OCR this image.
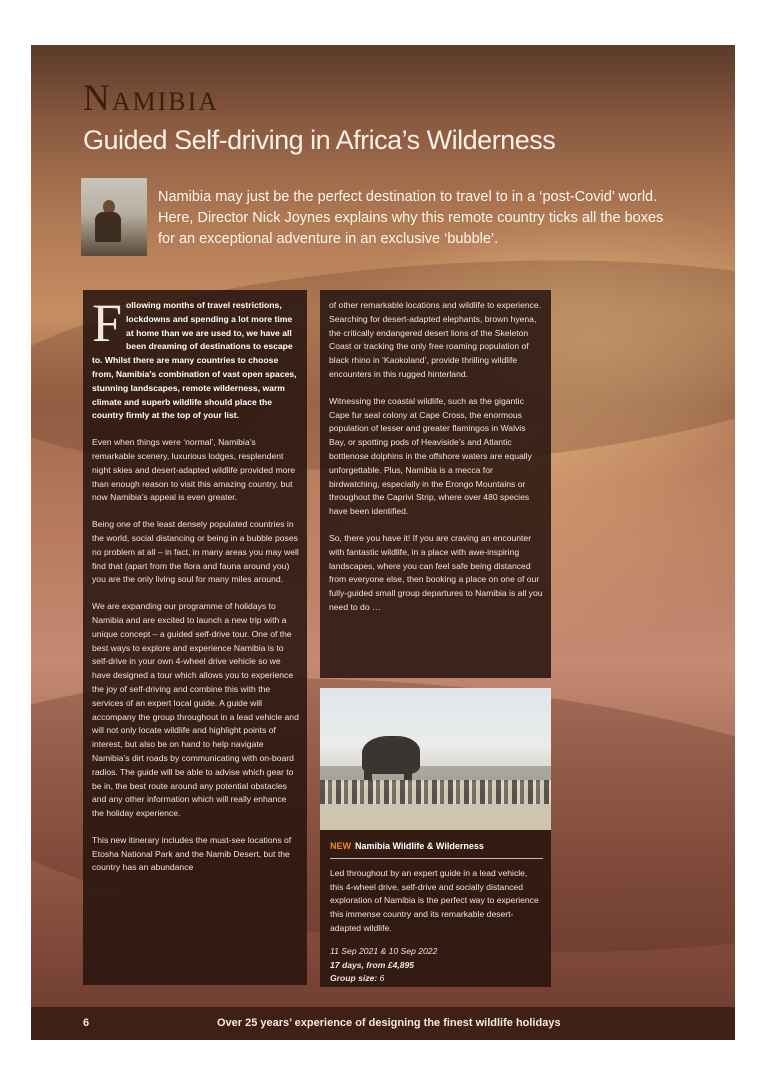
Namibia
Guided Self-driving in Africa’s Wilderness

Namibia may just be the perfect destination to travel to in a ‘post-Covid’ world. Here, Director Nick Joynes explains why this remote country ticks all the boxes for an exceptional adventure in an exclusive ‘bubble’.

Following months of travel restrictions, lockdowns and spending a lot more time at home than we are used to, we have all been dreaming of destinations to escape to. Whilst there are many countries to choose from, Namibia’s combination of vast open spaces, stunning landscapes, remote wilderness, warm climate and superb wildlife should place the country firmly at the top of your list.

Even when things were ‘normal’, Namibia’s remarkable scenery, luxurious lodges, resplendent night skies and desert-adapted wildlife provided more than enough reason to visit this amazing country, but now Namibia’s appeal is even greater.

Being one of the least densely populated countries in the world, social distancing or being in a bubble poses no problem at all – in fact, in many areas you may well find that (apart from the flora and fauna around you) you are the only living soul for many miles around.

We are expanding our programme of holidays to Namibia and are excited to launch a new trip with a unique concept – a guided self-drive tour. One of the best ways to explore and experience Namibia is to self-drive in your own 4-wheel drive vehicle so we have designed a tour which allows you to experience the joy of self-driving and combine this with the services of an expert local guide. A guide will accompany the group throughout in a lead vehicle and will not only locate wildlife and highlight points of interest, but also be on hand to help navigate Namibia’s dirt roads by communicating with on-board radios. The guide will be able to advise which gear to be in, the best route around any potential obstacles and any other information which will really enhance the holiday experience.

This new itinerary includes the must-see locations of Etosha National Park and the Namib Desert, but the country has an abundance

of other remarkable locations and wildlife to experience. Searching for desert-adapted elephants, brown hyena, the critically endangered desert lions of the Skeleton Coast or tracking the only free roaming population of black rhino in ‘Kaokoland’, provide thrilling wildlife encounters in this rugged hinterland.

Witnessing the coastal wildlife, such as the gigantic Cape fur seal colony at Cape Cross, the enormous population of lesser and greater flamingos in Walvis Bay, or spotting pods of Heaviside’s and Atlantic bottlenose dolphins in the offshore waters are equally unforgettable. Plus, Namibia is a mecca for birdwatching, especially in the Erongo Mountains or throughout the Caprivi Strip, where over 480 species have been identified.

So, there you have it! If you are craving an encounter with fantastic wildlife, in a place with awe-inspiring landscapes, where you can feel safe being distanced from everyone else, then booking a place on one of our fully-guided small group departures to Namibia is all you need to do …

NEW Namibia Wildlife & Wilderness

Led throughout by an expert guide in a lead vehicle, this 4-wheel drive, self-drive and socially distanced exploration of Namibia is the perfect way to experience this immense country and its remarkable desert-adapted wildlife.

11 Sep 2021 & 10 Sep 2022

17 days, from £4,895

Group size: 6

6	Over 25 years’ experience of designing the finest wildlife holidays
